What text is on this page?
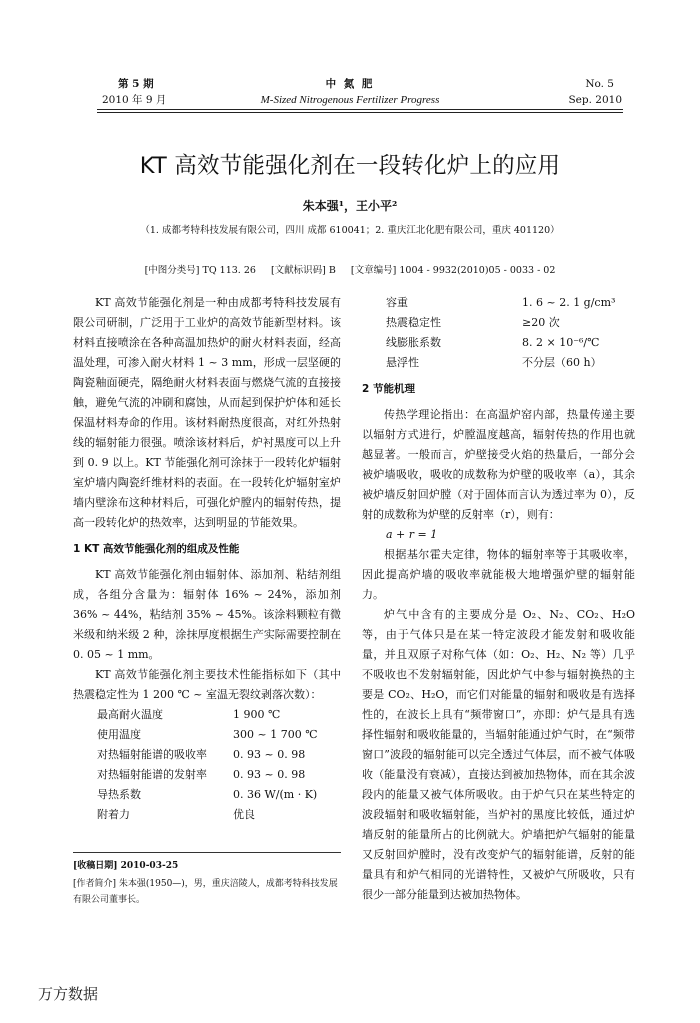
第 5 期
2010 年 9 月
中 氮 肥
M-Sized Nitrogenous Fertilizer Progress
No. 5
Sep. 2010
KT 高效节能强化剂在一段转化炉上的应用
朱本强¹，王小平²
（1. 成都考特科技发展有限公司，四川 成都 610041；2. 重庆江北化肥有限公司，重庆 401120）
[中图分类号] TQ 113. 26 [文献标识码] B [文章编号] 1004 - 9932(2010)05 - 0033 - 02

KT 高效节能强化剂是一种由成都考特科技发展有限公司研制，广泛用于工业炉的高效节能新型材料。该材料直接喷涂在各种高温加热炉的耐火材料表面，经高温处理，可渗入耐火材料 1 ~ 3 mm，形成一层坚硬的陶瓷釉面硬壳，隔绝耐火材料表面与燃烧气流的直接接触，避免气流的冲刷和腐蚀，从而起到保护炉体和延长保温材料寿命的作用。该材料耐热度很高，对红外热射线的辐射能力很强。喷涂该材料后，炉衬黑度可以上升到 0. 9 以上。KT 节能强化剂可涂抹于一段转化炉辐射室炉墙内陶瓷纤维材料的表面。在一段转化炉辐射室炉墙内壁涂布这种材料后，可强化炉膛内的辐射传热，提高一段转化炉的热效率，达到明显的节能效果。

1 KT 高效节能强化剂的组成及性能

KT 高效节能强化剂由辐射体、添加剂、粘结剂组成，各组分含量为：辐射体 16% ~ 24%，添加剂 36% ~ 44%，粘结剂 35% ~ 45%。该涂料颗粒有微米级和纳米级 2 种，涂抹厚度根据生产实际需要控制在 0. 05 ~ 1 mm。

KT 高效节能强化剂主要技术性能指标如下（其中热震稳定性为 1 200 ℃ ~ 室温无裂纹剥落次数）：

最高耐火温度	1 900 ℃
使用温度	300 ~ 1 700 ℃
对热辐射能谱的吸收率	0. 93 ~ 0. 98
对热辐射能谱的发射率	0. 93 ~ 0. 98
导热系数	0. 36 W/(m · K)
附着力	优良
[收稿日期] 2010-03-25
[作者简介] 朱本强(1950—)，男，重庆涪陵人，成都考特科技发展有限公司董事长。
容重	1. 6 ~ 2. 1 g/cm³
热震稳定性	≥20 次
线膨胀系数	8. 2 × 10⁻⁶/℃
悬浮性	不分层（60 h）
2 节能机理

传热学理论指出：在高温炉窑内部，热量传递主要以辐射方式进行，炉膛温度越高，辐射传热的作用也就越显著。一般而言，炉壁接受火焰的热量后，一部分会被炉墙吸收，吸收的成数称为炉壁的吸收率（a），其余被炉墙反射回炉膛（对于固体而言认为透过率为 0），反射的成数称为炉壁的反射率（r），则有：

a + r = 1

根据基尔霍夫定律，物体的辐射率等于其吸收率，因此提高炉墙的吸收率就能极大地增强炉壁的辐射能力。

炉气中含有的主要成分是 O₂、N₂、CO₂、H₂O 等，由于气体只是在某一特定波段才能发射和吸收能量，并且双原子对称气体（如：O₂、H₂、N₂ 等）几乎不吸收也不发射辐射能，因此炉气中参与辐射换热的主要是 CO₂、H₂O，而它们对能量的辐射和吸收是有选择性的，在波长上具有“频带窗口”，亦即：炉气是具有选择性辐射和吸收能量的，当辐射能通过炉气时，在“频带窗口”波段的辐射能可以完全透过气体层，而不被气体吸收（能量没有衰减），直接达到被加热物体，而在其余波段内的能量又被气体所吸收。由于炉气只在某些特定的波段辐射和吸收辐射能，当炉衬的黑度比较低，通过炉墙反射的能量所占的比例就大。炉墙把炉气辐射的能量又反射回炉膛时，没有改变炉气的辐射能谱，反射的能量具有和炉气相同的光谱特性，又被炉气所吸收，只有很少一部分能量到达被加热物体。

万方数据
